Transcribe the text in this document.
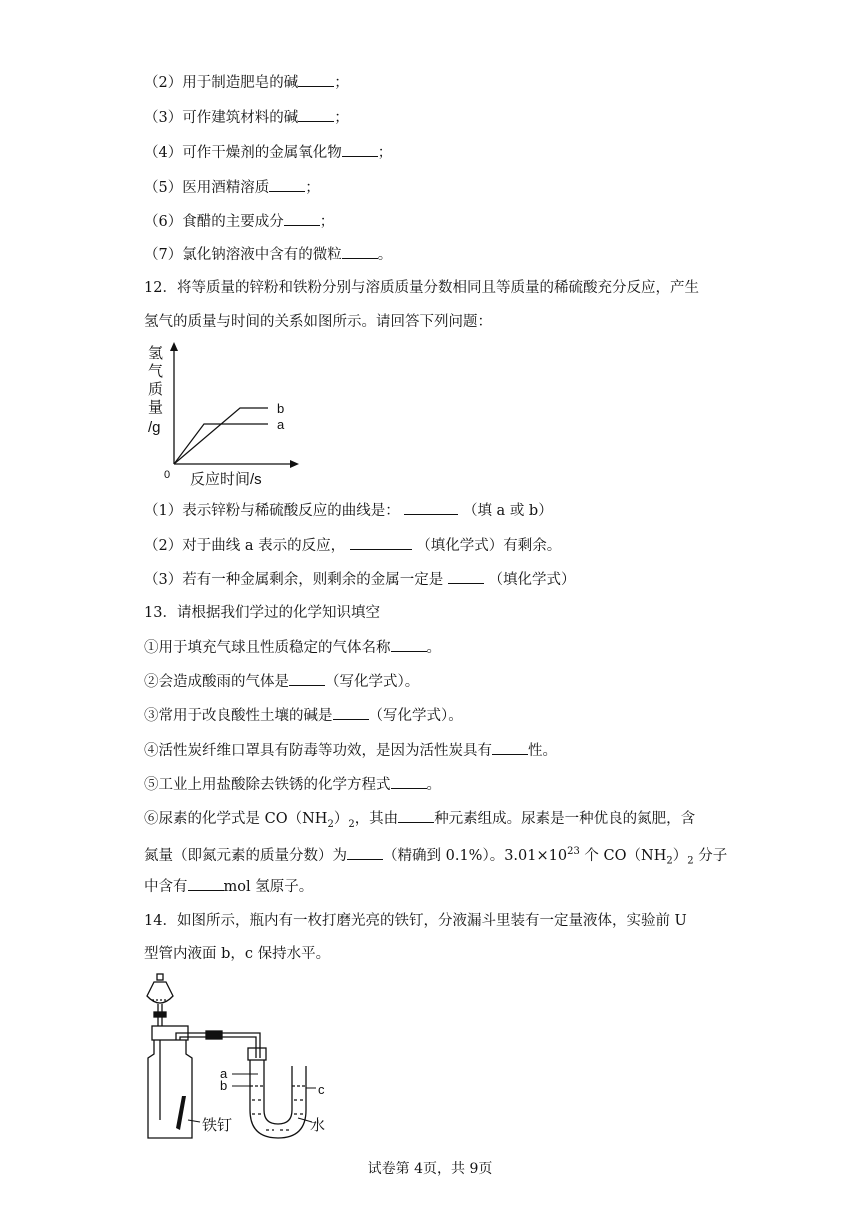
（2）用于制造肥皂的碱 ；
（3）可作建筑材料的碱 ；
（4）可作干燥剂的金属氧化物 ；
（5）医用酒精溶质 ；
（6）食醋的主要成分 ；
（7）氯化钠溶液中含有的微粒 。
12．将等质量的锌粉和铁粉分别与溶质质量分数相同且等质量的稀硫酸充分反应，产生
氢气的质量与时间的关系如图所示。请回答下列问题：
氢
气
质
量
/g
b
a
0 反应时间/s
（1）表示锌粉与稀硫酸反应的曲线是：	（填 a 或 b）
（2）对于曲线 a 表示的反应，	（填化学式）有剩余。
（3）若有一种金属剩余，则剩余的金属一定是	（填化学式）
13．请根据我们学过的化学知识填空
①用于填充气球且性质稳定的气体名称 。
②会造成酸雨的气体是 （写化学式）。
③常用于改良酸性土壤的碱是 （写化学式）。
④活性炭纤维口罩具有防毒等功效，是因为活性炭具有 性。
⑤工业上用盐酸除去铁锈的化学方程式 。
⑥尿素的化学式是 $CO(NH_2)_2$，其由 种元素组成。尿素是一种优良的氮肥，含
氮量（即氮元素的质量分数）为 （精确到 0.1%）。$3.01\times 10^{23}$ 个 $CO(NH_2)_2$ 分子
中含有 mol 氢原子。
14．如图所示，瓶内有一枚打磨光亮的铁钉，分液漏斗里装有一定量液体，实验前 U
型管内液面 b，c 保持水平。
a
b	c
铁钉	水
试卷第 4页，共 9页
